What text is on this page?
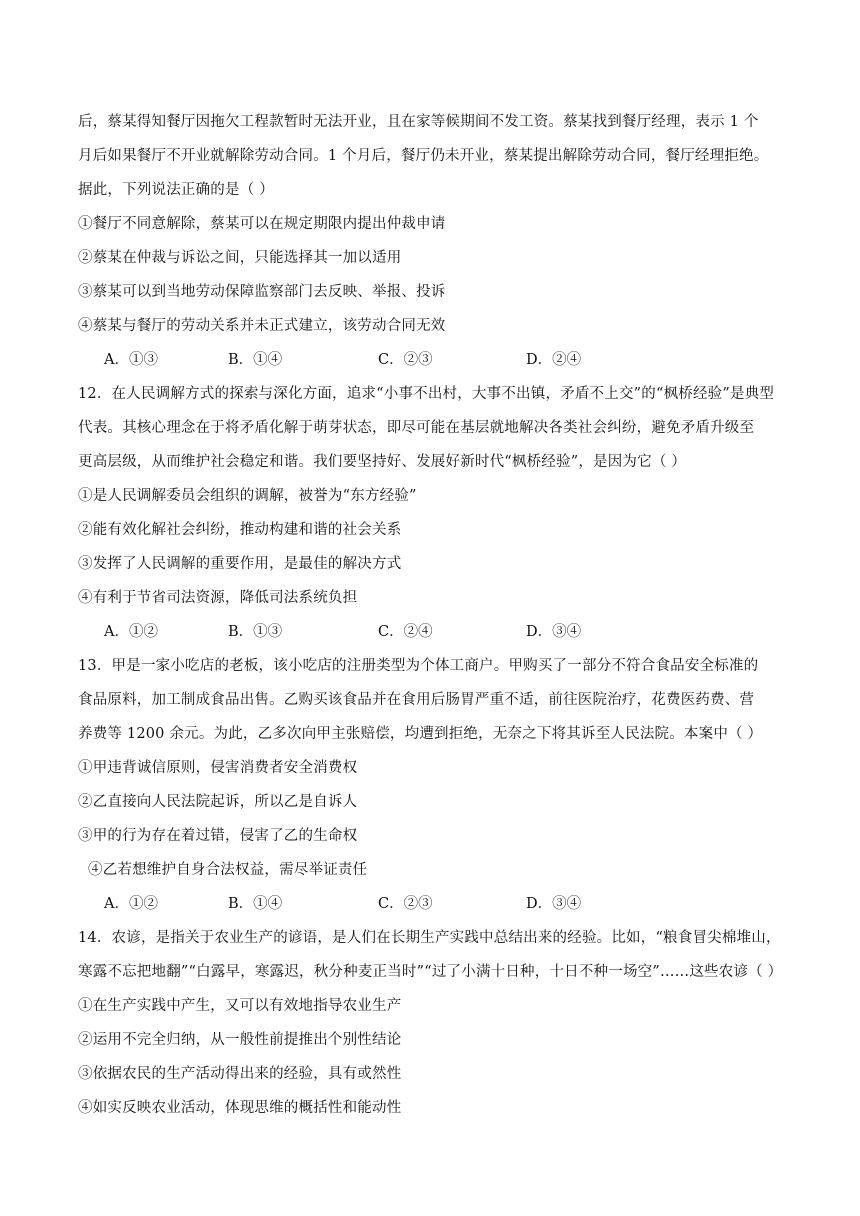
后，蔡某得知餐厅因拖欠工程款暂时无法开业，且在家等候期间不发工资。蔡某找到餐厅经理，表示 1 个
月后如果餐厅不开业就解除劳动合同。1 个月后，餐厅仍未开业，蔡某提出解除劳动合同，餐厅经理拒绝。
据此，下列说法正确的是（ ）
①餐厅不同意解除，蔡某可以在规定期限内提出仲裁申请
②蔡某在仲裁与诉讼之间，只能选择其一加以适用
③蔡某可以到当地劳动保障监察部门去反映、举报、投诉
④蔡某与餐厅的劳动关系并未正式建立，该劳动合同无效
A．①③	B．①④	C．②③	D．②④
12．在人民调解方式的探索与深化方面，追求“小事不出村，大事不出镇，矛盾不上交”的“枫桥经验”是典型
代表。其核心理念在于将矛盾化解于萌芽状态，即尽可能在基层就地解决各类社会纠纷，避免矛盾升级至
更高层级，从而维护社会稳定和谐。我们要坚持好、发展好新时代“枫桥经验”，是因为它（ ）
①是人民调解委员会组织的调解，被誉为“东方经验”
②能有效化解社会纠纷，推动构建和谐的社会关系
③发挥了人民调解的重要作用，是最佳的解决方式
④有利于节省司法资源，降低司法系统负担
A．①②	B．①③	C．②④	D．③④
13．甲是一家小吃店的老板，该小吃店的注册类型为个体工商户。甲购买了一部分不符合食品安全标准的
食品原料，加工制成食品出售。乙购买该食品并在食用后肠胃严重不适，前往医院治疗，花费医药费、营
养费等 1200 余元。为此，乙多次向甲主张赔偿，均遭到拒绝，无奈之下将其诉至人民法院。本案中（ ）
①甲违背诚信原则，侵害消费者安全消费权
②乙直接向人民法院起诉，所以乙是自诉人
③甲的行为存在着过错，侵害了乙的生命权
④乙若想维护自身合法权益，需尽举证责任
A．①②	B．①④	C．②③	D．③④
14．农谚，是指关于农业生产的谚语，是人们在长期生产实践中总结出来的经验。比如，“粮食冒尖棉堆山，
寒露不忘把地翻”“白露早，寒露迟，秋分种麦正当时”“过了小满十日种，十日不种一场空”……这些农谚（ ）
①在生产实践中产生，又可以有效地指导农业生产
②运用不完全归纳，从一般性前提推出个别性结论
③依据农民的生产活动得出来的经验，具有或然性
④如实反映农业活动，体现思维的概括性和能动性
